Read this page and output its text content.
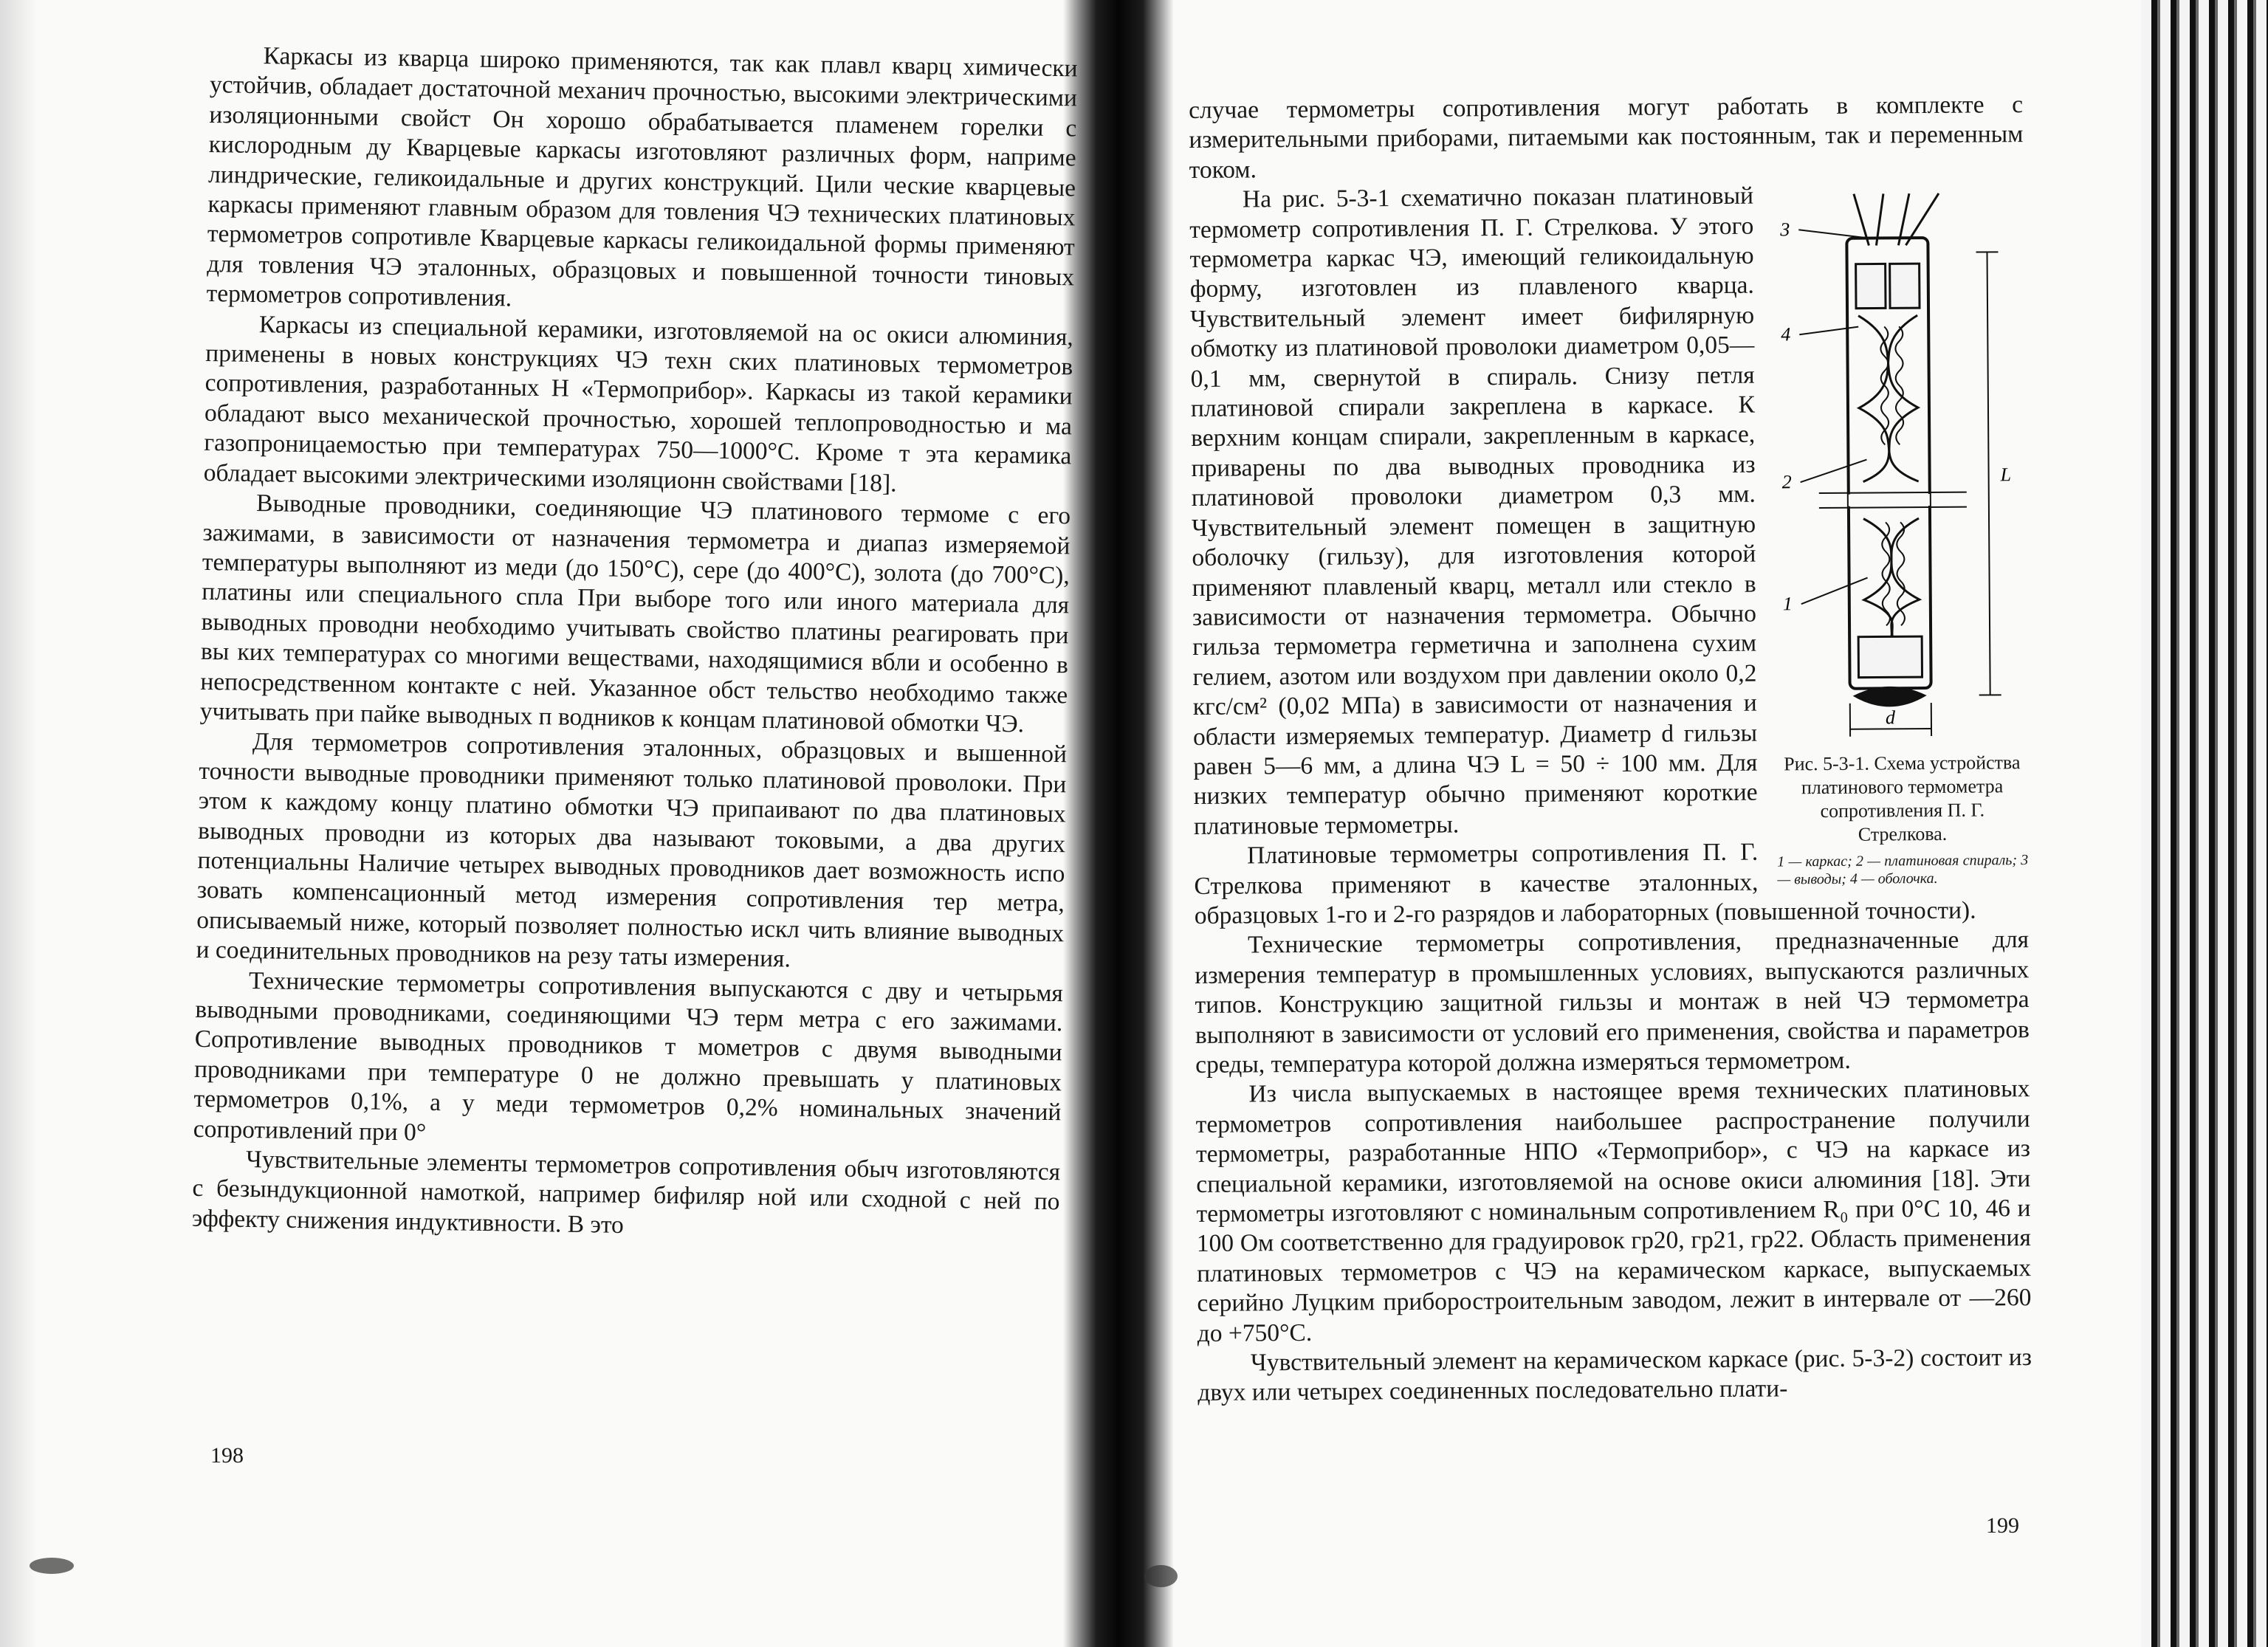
Каркасы из кварца широко применяются, так как плавл кварц химически устойчив, обладает достаточной механич прочностью, высокими электрическими изоляционными свойст Он хорошо обрабатывается пламенем горелки с кислородным ду Кварцевые каркасы изготовляют различных форм, наприме линдрические, геликоидальные и других конструкций. Цили ческие кварцевые каркасы применяют главным образом для товления ЧЭ технических платиновых термометров сопротивле Кварцевые каркасы геликоидальной формы применяют для товления ЧЭ эталонных, образцовых и повышенной точности тиновых термометров сопротивления.

Каркасы из специальной керамики, изготовляемой на ос окиси алюминия, применены в новых конструкциях ЧЭ техн ских платиновых термометров сопротивления, разработанных Н «Термоприбор». Каркасы из такой керамики обладают высо механической прочностью, хорошей теплопроводностью и ма газопроницаемостью при температурах 750—1000°С. Кроме т эта керамика обладает высокими электрическими изоляционн свойствами [18].

Выводные проводники, соединяющие ЧЭ платинового термоме с его зажимами, в зависимости от назначения термометра и диапаз измеряемой температуры выполняют из меди (до 150°С), сере (до 400°С), золота (до 700°С), платины или специального спла При выборе того или иного материала для выводных проводни необходимо учитывать свойство платины реагировать при вы ких температурах со многими веществами, находящимися вбли и особенно в непосредственном контакте с ней. Указанное обст тельство необходимо также учитывать при пайке выводных п водников к концам платиновой обмотки ЧЭ.

Для термометров сопротивления эталонных, образцовых и вышенной точности выводные проводники применяют только платиновой проволоки. При этом к каждому концу платино обмотки ЧЭ припаивают по два платиновых выводных проводни из которых два называют токовыми, а два других потенциальны Наличие четырех выводных проводников дает возможность испо зовать компенсационный метод измерения сопротивления тер метра, описываемый ниже, который позволяет полностью искл чить влияние выводных и соединительных проводников на резу таты измерения.

Технические термометры сопротивления выпускаются с дву и четырьмя выводными проводниками, соединяющими ЧЭ терм метра с его зажимами. Сопротивление выводных проводников т мометров с двумя выводными проводниками при температуре 0 не должно превышать у платиновых термометров 0,1%, а у меди термометров 0,2% номинальных значений сопротивлений при 0°

Чувствительные элементы термометров сопротивления обыч изготовляются с безындукционной намоткой, например бифиляр ной или сходной с ней по эффекту снижения индуктивности. В это

198

случае термометры сопротивления могут работать в комплекте с измерительными приборами, питаемыми как постоянным, так и переменным током.

3
4
2
1
L
d
Рис. 5-3-1. Схема устройства платинового термометра сопротивления П. Г. Стрелкова.
1 — каркас; 2 — платиновая спираль; 3 — выводы; 4 — оболочка.

На рис. 5-3-1 схематично показан платиновый термометр сопротивления П. Г. Стрелкова. У этого термометра каркас ЧЭ, имеющий геликоидальную форму, изготовлен из плавленого кварца. Чувствительный элемент имеет бифилярную обмотку из платиновой проволоки диаметром 0,05—0,1 мм, свернутой в спираль. Снизу петля платиновой спирали закреплена в каркасе. К верхним концам спирали, закрепленным в каркасе, приварены по два выводных проводника из платиновой проволоки диаметром 0,3 мм. Чувствительный элемент помещен в защитную оболочку (гильзу), для изготовления которой применяют плавленый кварц, металл или стекло в зависимости от назначения термометра. Обычно гильза термометра герметична и заполнена сухим гелием, азотом или воздухом при давлении около 0,2 кгс/см² (0,02 МПа) в зависимости от назначения и области измеряемых температур. Диаметр d гильзы равен 5—6 мм, а длина ЧЭ L = 50 ÷ 100 мм. Для низких температур обычно применяют короткие платиновые термометры.

Платиновые термометры сопротивления П. Г. Стрелкова применяют в качестве эталонных, образцовых 1-го и 2-го разрядов и лабораторных (повышенной точности).

Технические термометры сопротивления, предназначенные для измерения температур в промышленных условиях, выпускаются различных типов. Конструкцию защитной гильзы и монтаж в ней ЧЭ термометра выполняют в зависимости от условий его применения, свойства и параметров среды, температура которой должна измеряться термометром.

Из числа выпускаемых в настоящее время технических платиновых термометров сопротивления наибольшее распространение получили термометры, разработанные НПО «Термоприбор», с ЧЭ на каркасе из специальной керамики, изготовляемой на основе окиси алюминия [18]. Эти термометры изготовляют с номинальным сопротивлением R₀ при 0°С 10, 46 и 100 Ом соответственно для градуировок гр20, гр21, гр22. Область применения платиновых термометров с ЧЭ на керамическом каркасе, выпускаемых серийно Луцким приборостроительным заводом, лежит в интервале от —260 до +750°С.

Чувствительный элемент на керамическом каркасе (рис. 5-3-2) состоит из двух или четырех соединенных последовательно плати-

199
